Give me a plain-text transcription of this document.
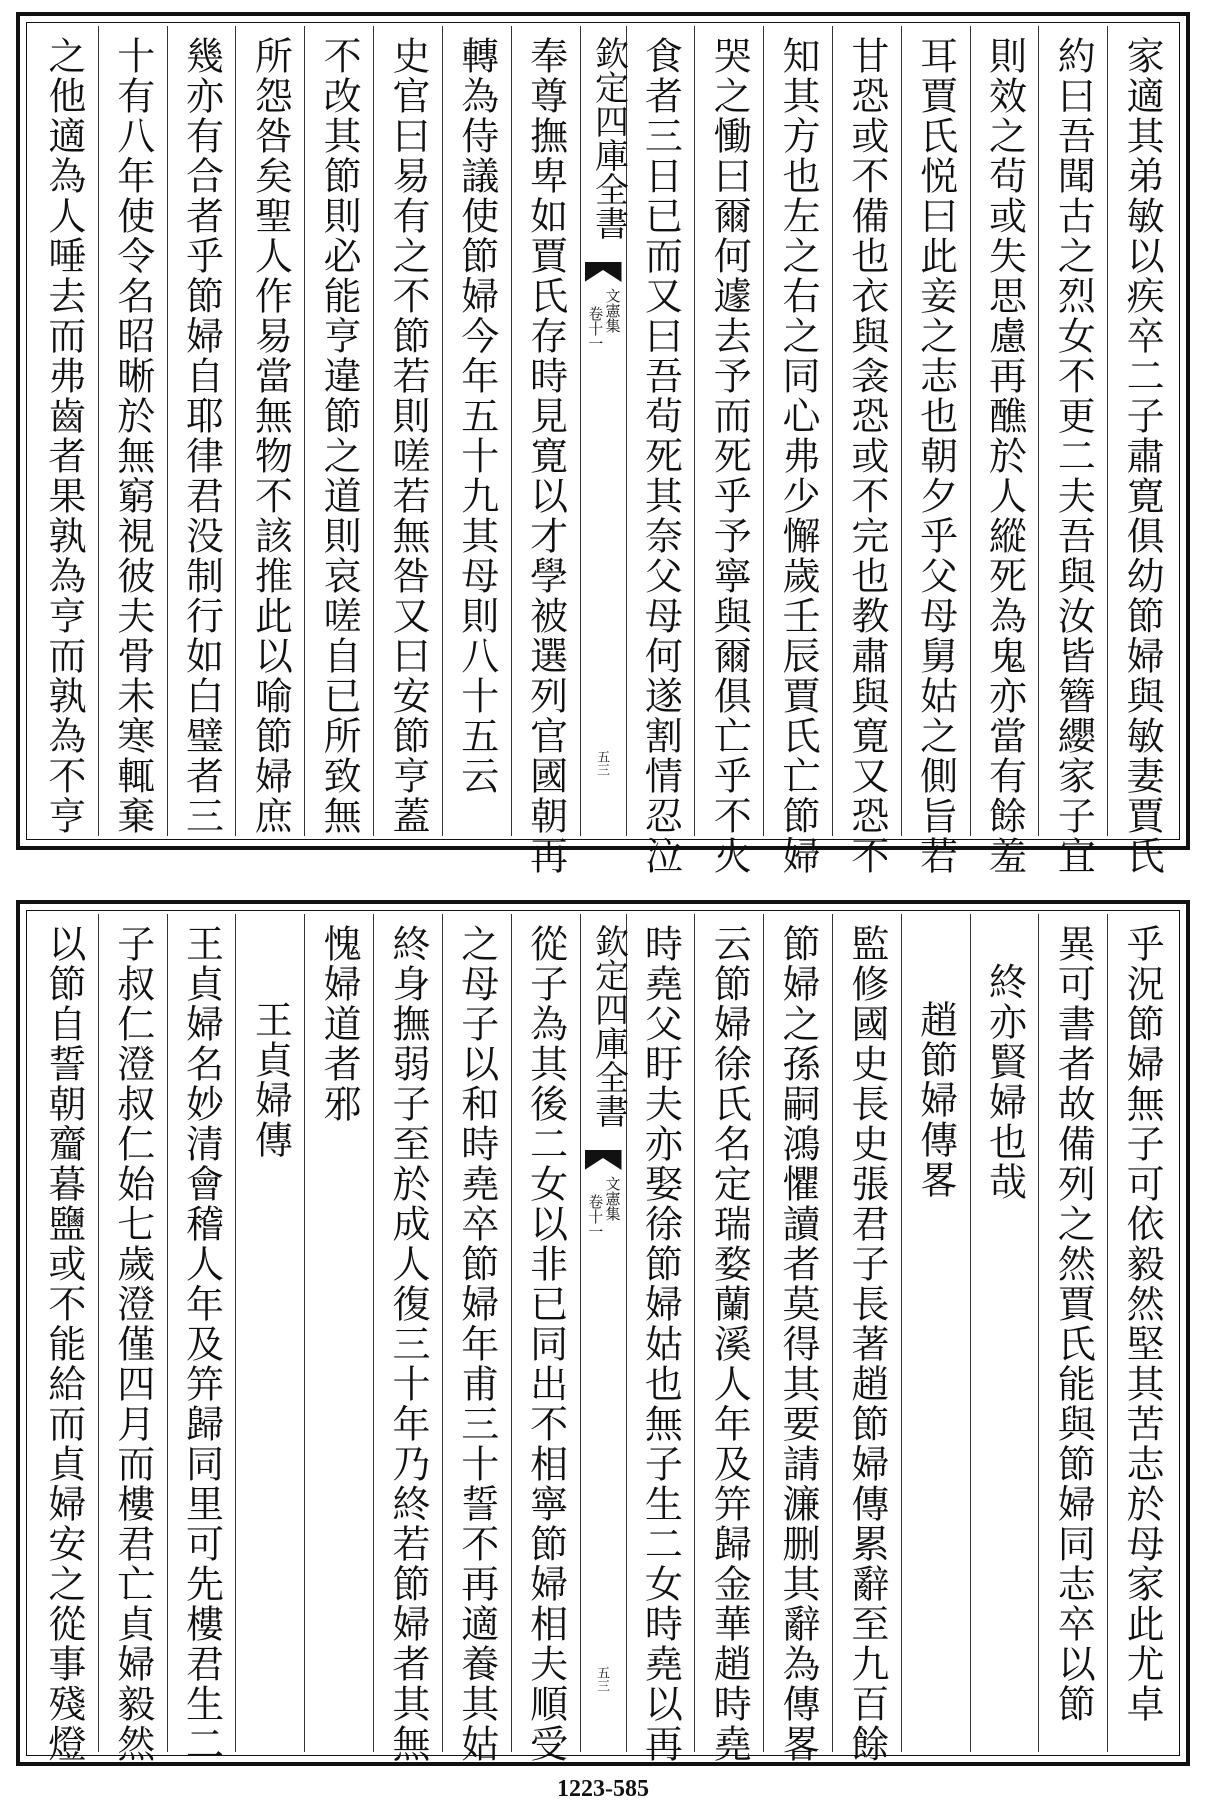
家適其弟敏以疾卒二子肅寛俱幼節婦與敏妻賈氏
約曰吾聞古之烈女不更二夫吾與汝皆簪纓家子宜
則效之茍或失思慮再醮於人縱死為鬼亦當有餘羞
耳賈氏悦曰此妾之志也朝夕乎父母舅姑之側旨若
甘恐或不備也衣與衾恐或不完也教肅與寛又恐不
知其方也左之右之同心弗少懈歲壬辰賈氏亡節婦
哭之慟曰爾何遽去予而死乎予寧與爾俱亡乎不火
食者三日已而又曰吾茍死其奈父母何遂割情忍泣
欽定四庫全書
文憲集
卷十一
五三
奉尊撫卑如賈氏存時見寛以才學被選列官國朝再
轉為侍議使節婦今年五十九其母則八十五云
史官曰易有之不節若則嗟若無咎又曰安節亨蓋
不改其節則必能亨違節之道則哀嗟自已所致無
所怨咎矣聖人作易當無物不該推此以喻節婦庶
幾亦有合者乎節婦自耶律君没制行如白璧者三
十有八年使令名昭晰於無窮視彼夫骨未寒輒棄
之他適為人唾去而弗齒者果孰為亨而孰為不亨
乎況節婦無子可依毅然堅其苦志於母家此尤卓
異可書者故備列之然賈氏能與節婦同志卒以節
終亦賢婦也哉
趙節婦傳畧
監修國史長史張君子長著趙節婦傳累辭至九百餘
節婦之孫嗣鴻懼讀者莫得其要請濂删其辭為傳畧
云節婦徐氏名定瑞婺蘭溪人年及笄歸金華趙時堯
時堯父盱夫亦娶徐節婦姑也無子生二女時堯以再
欽定四庫全書
文憲集
卷十一
五三
從子為其後二女以非已同出不相寧節婦相夫順受
之母子以和時堯卒節婦年甫三十誓不再適養其姑
終身撫弱子至於成人復三十年乃終若節婦者其無
愧婦道者邪
王貞婦傳
王貞婦名妙清會稽人年及笄歸同里可先樓君生二
子叔仁澄叔仁始七歲澄僅四月而樓君亡貞婦毅然
以節自誓朝齏暮鹽或不能給而貞婦安之從事殘燈
1223-585
